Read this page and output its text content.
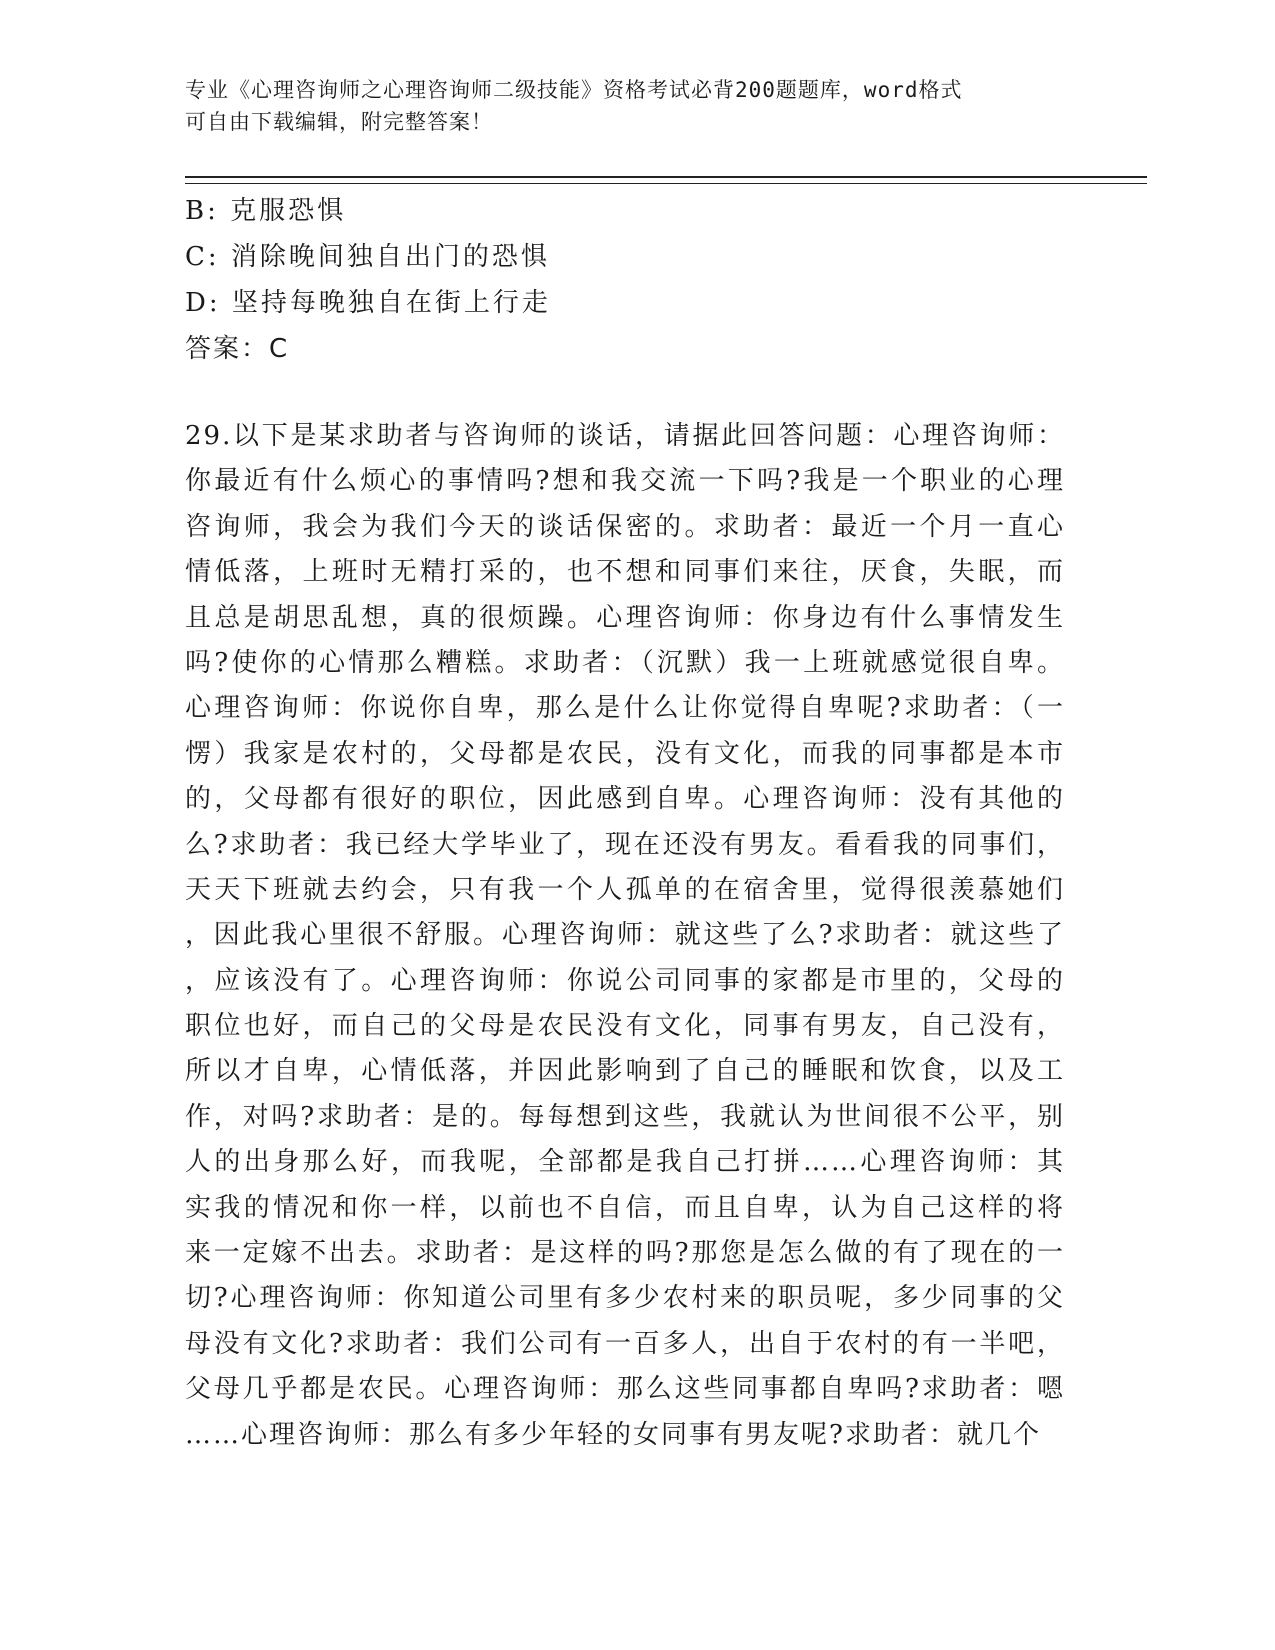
专业《心理咨询师之心理咨询师二级技能》资格考试必背200题题库，word格式
可自由下载编辑，附完整答案！
B: 克服恐惧
C: 消除晚间独自出门的恐惧
D: 坚持每晚独自在街上行走
答案：C
29.以下是某求助者与咨询师的谈话，请据此回答问题：心理咨询师：
你最近有什么烦心的事情吗?想和我交流一下吗?我是一个职业的心理
咨询师，我会为我们今天的谈话保密的。求助者：最近一个月一直心
情低落，上班时无精打采的，也不想和同事们来往，厌食，失眠，而
且总是胡思乱想，真的很烦躁。心理咨询师：你身边有什么事情发生
吗?使你的心情那么糟糕。求助者：（沉默）我一上班就感觉很自卑。
心理咨询师：你说你自卑，那么是什么让你觉得自卑呢?求助者：（一
愣）我家是农村的，父母都是农民，没有文化，而我的同事都是本市
的，父母都有很好的职位，因此感到自卑。心理咨询师：没有其他的
么?求助者：我已经大学毕业了，现在还没有男友。看看我的同事们，
天天下班就去约会，只有我一个人孤单的在宿舍里，觉得很羡慕她们
，因此我心里很不舒服。心理咨询师：就这些了么?求助者：就这些了
，应该没有了。心理咨询师：你说公司同事的家都是市里的，父母的
职位也好，而自己的父母是农民没有文化，同事有男友，自己没有，
所以才自卑，心情低落，并因此影响到了自己的睡眠和饮食，以及工
作，对吗?求助者：是的。每每想到这些，我就认为世间很不公平，别
人的出身那么好，而我呢，全部都是我自己打拼……心理咨询师：其
实我的情况和你一样，以前也不自信，而且自卑，认为自己这样的将
来一定嫁不出去。求助者：是这样的吗?那您是怎么做的有了现在的一
切?心理咨询师：你知道公司里有多少农村来的职员呢，多少同事的父
母没有文化?求助者：我们公司有一百多人，出自于农村的有一半吧，
父母几乎都是农民。心理咨询师：那么这些同事都自卑吗?求助者：嗯
……心理咨询师：那么有多少年轻的女同事有男友呢?求助者：就几个
